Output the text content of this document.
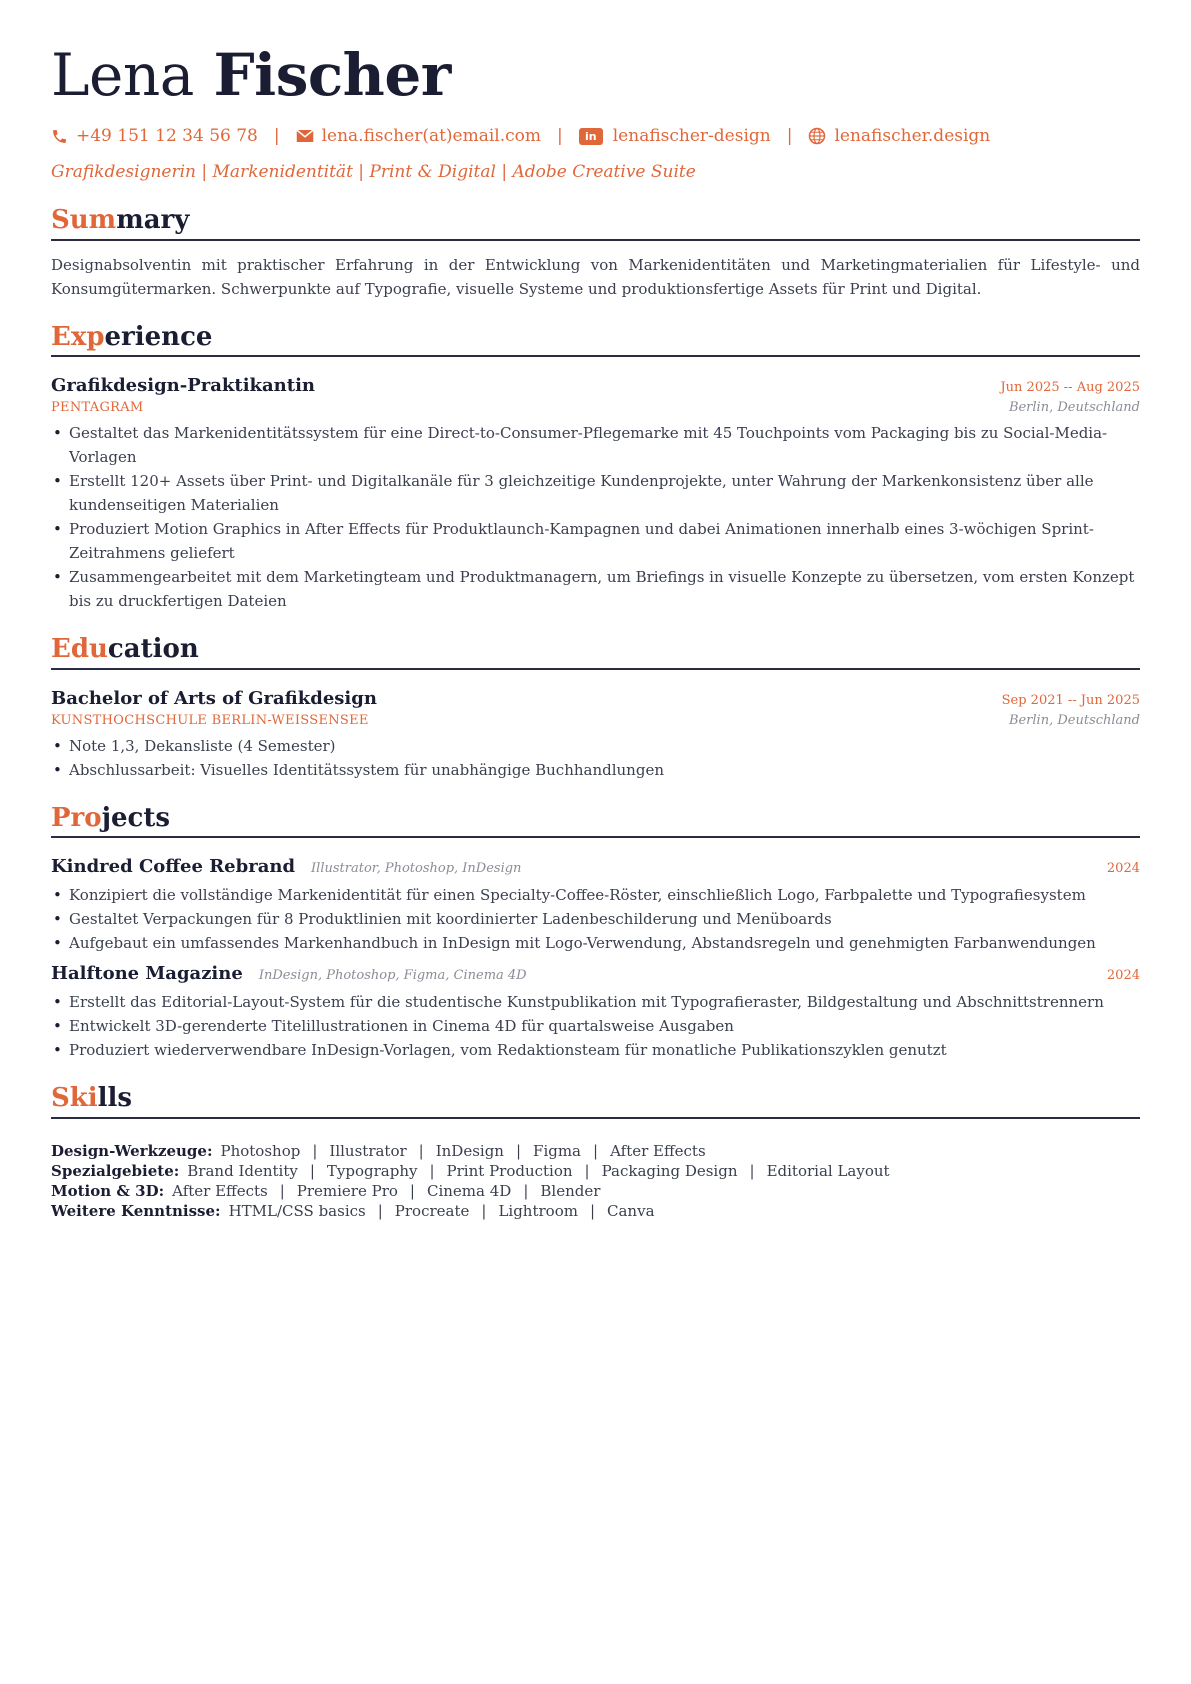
Lena Fischer
+49 151 12 34 56 78 | lena.fischer(at)email.com |	in lenafischer-design | lenafischer.design
Grafikdesignerin | Markenidentität | Print & Digital | Adobe Creative Suite
Summary
Designabsolventin mit praktischer Erfahrung in der Entwicklung von Markenidentitäten und Marketingmaterialien für Lifestyle- und Konsumgütermarken. Schwerpunkte auf Typografie, visuelle Systeme und produktionsfertige Assets für Print und Digital.
Experience
Grafikdesign-Praktikantin	Jun 2025 -- Aug 2025
PENTAGRAM	Berlin, Deutschland
• Gestaltet das Markenidentitätssystem für eine Direct-to-Consumer-Pflegemarke mit 45 Touchpoints vom Packaging bis zu Social-Media-Vorlagen
• Erstellt 120+ Assets über Print- und Digitalkanäle für 3 gleichzeitige Kundenprojekte, unter Wahrung der Markenkonsistenz über alle kundenseitigen Materialien
• Produziert Motion Graphics in After Effects für Produktlaunch-Kampagnen und dabei Animationen innerhalb eines 3-wöchigen Sprint-Zeitrahmens geliefert
• Zusammengearbeitet mit dem Marketingteam und Produktmanagern, um Briefings in visuelle Konzepte zu übersetzen, vom ersten Konzept bis zu druckfertigen Dateien
Education
Bachelor of Arts of Grafikdesign	Sep 2021 -- Jun 2025
KUNSTHOCHSCHULE BERLIN-WEISSENSEE	Berlin, Deutschland
• Note 1,3, Dekansliste (4 Semester)
• Abschlussarbeit: Visuelles Identitätssystem für unabhängige Buchhandlungen
Projects
Kindred Coffee Rebrand Illustrator, Photoshop, InDesign	2024
• Konzipiert die vollständige Markenidentität für einen Specialty-Coffee-Röster, einschließlich Logo, Farbpalette und Typografiesystem
• Gestaltet Verpackungen für 8 Produktlinien mit koordinierter Ladenbeschilderung und Menüboards
• Aufgebaut ein umfassendes Markenhandbuch in InDesign mit Logo-Verwendung, Abstandsregeln und genehmigten Farbanwendungen
Halftone Magazine InDesign, Photoshop, Figma, Cinema 4D	2024
• Erstellt das Editorial-Layout-System für die studentische Kunstpublikation mit Typografieraster, Bildgestaltung und Abschnittstrennern
• Entwickelt 3D-gerenderte Titelillustrationen in Cinema 4D für quartalsweise Ausgaben
• Produziert wiederverwendbare InDesign-Vorlagen, vom Redaktionsteam für monatliche Publikationszyklen genutzt
Skills
Design-Werkzeuge: Photoshop | Illustrator | InDesign | Figma | After Effects
Spezialgebiete: Brand Identity | Typography | Print Production | Packaging Design | Editorial Layout
Motion & 3D: After Effects | Premiere Pro | Cinema 4D | Blender
Weitere Kenntnisse: HTML/CSS basics | Procreate | Lightroom | Canva
